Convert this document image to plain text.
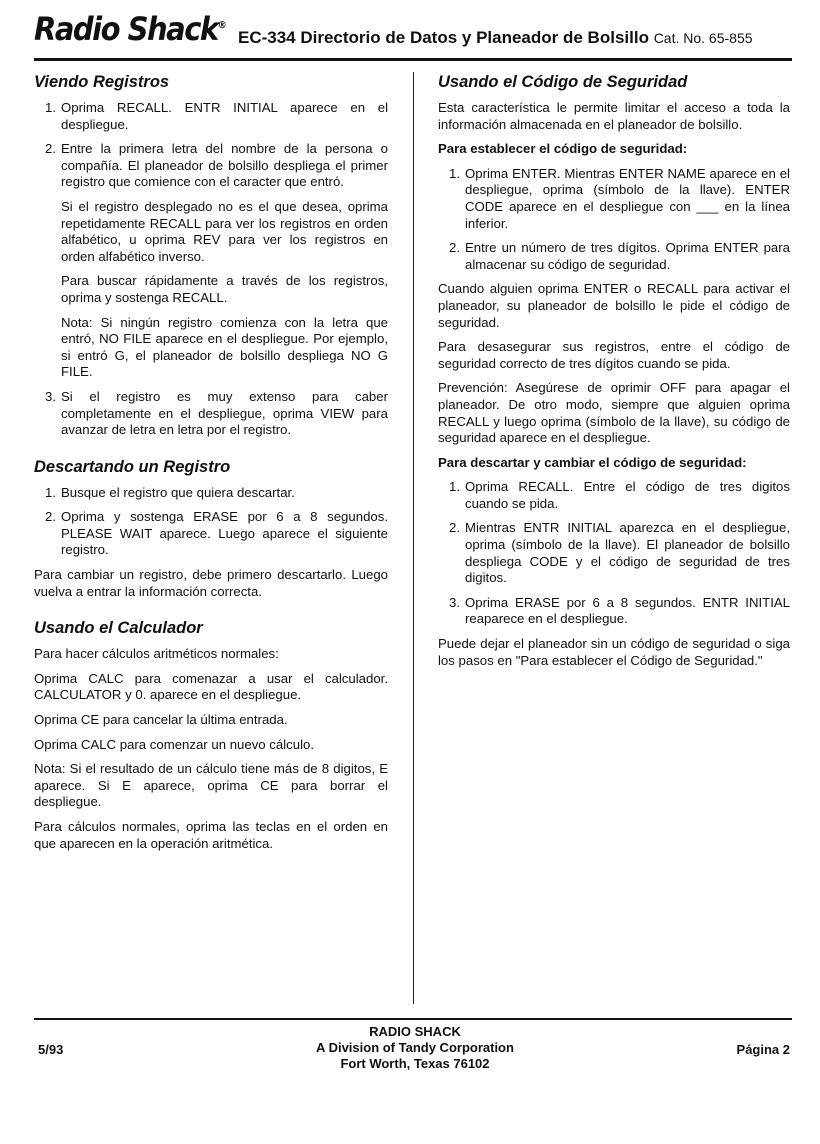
Radio Shack®
EC-334 Directorio de Datos y Planeador de Bolsillo Cat. No. 65-855
Viendo Registros
1. Oprima RECALL. ENTR INITIAL aparece en el despliegue.
2. Entre la primera letra del nombre de la persona o compañía. El planeador de bolsillo despliega el primer registro que comience con el caracter que entró.

Si el registro desplegado no es el que desea, oprima repetidamente RECALL para ver los registros en orden alfabético, u oprima REV para ver los registros en orden alfabético inverso.

Para buscar rápidamente a través de los registros, oprima y sostenga RECALL.

Nota: Si ningún registro comienza con la letra que entró, NO FILE aparece en el despliegue. Por ejemplo, si entró G, el planeador de bolsillo despliega NO G FILE.

3. Si el registro es muy extenso para caber completamente en el despliegue, oprima VIEW para avanzar de letra en letra por el registro.
Descartando un Registro
1. Busque el registro que quiera descartar.
2. Oprima y sostenga ERASE por 6 a 8 segundos. PLEASE WAIT aparece. Luego aparece el siguiente registro.

Para cambiar un registro, debe primero descartarlo. Luego vuelva a entrar la información correcta.

Usando el Calculador

Para hacer cálculos aritméticos normales:

Oprima CALC para comenazar a usar el calculador. CALCULATOR y 0. aparece en el despliegue.

Oprima CE para cancelar la última entrada.

Oprima CALC para comenzar un nuevo cálculo.

Nota: Si el resultado de un cálculo tiene más de 8 digitos, E aparece. Si E aparece, oprima CE para borrar el despliegue.

Para cálculos normales, oprima las teclas en el orden en que aparecen en la operación aritmética.

Usando el Código de Seguridad

Esta característica le permite limitar el acceso a toda la información almacenada en el planeador de bolsillo.

Para establecer el código de seguridad:
1. Oprima ENTER. Mientras ENTER NAME aparece en el despliegue, oprima (símbolo de la llave). ENTER CODE aparece en el despliegue con ___ en la línea inferior.
2. Entre un número de tres dígitos. Oprima ENTER para almacenar su código de seguridad.

Cuando alguien oprima ENTER o RECALL para activar el planeador, su planeador de bolsillo le pide el código de seguridad.

Para desasegurar sus registros, entre el código de seguridad correcto de tres dígitos cuando se pida.

Prevención: Asegúrese de oprimir OFF para apagar el planeador. De otro modo, siempre que alguien oprima RECALL y luego oprima (símbolo de la llave), su código de seguridad aparece en el despliegue.

Para descartar y cambiar el código de seguridad:
1. Oprima RECALL. Entre el código de tres digitos cuando se pida.
2. Mientras ENTR INITIAL aparezca en el despliegue, oprima (símbolo de la llave). El planeador de bolsillo despliega CODE y el código de seguridad de tres digitos.
3. Oprima ERASE por 6 a 8 segundos. ENTR INITIAL reaparece en el despliegue.

Puede dejar el planeador sin un código de seguridad o siga los pasos en "Para establecer el Código de Seguridad."

5/93
RADIO SHACK
A Division of Tandy Corporation
Fort Worth, Texas 76102
Página 2
